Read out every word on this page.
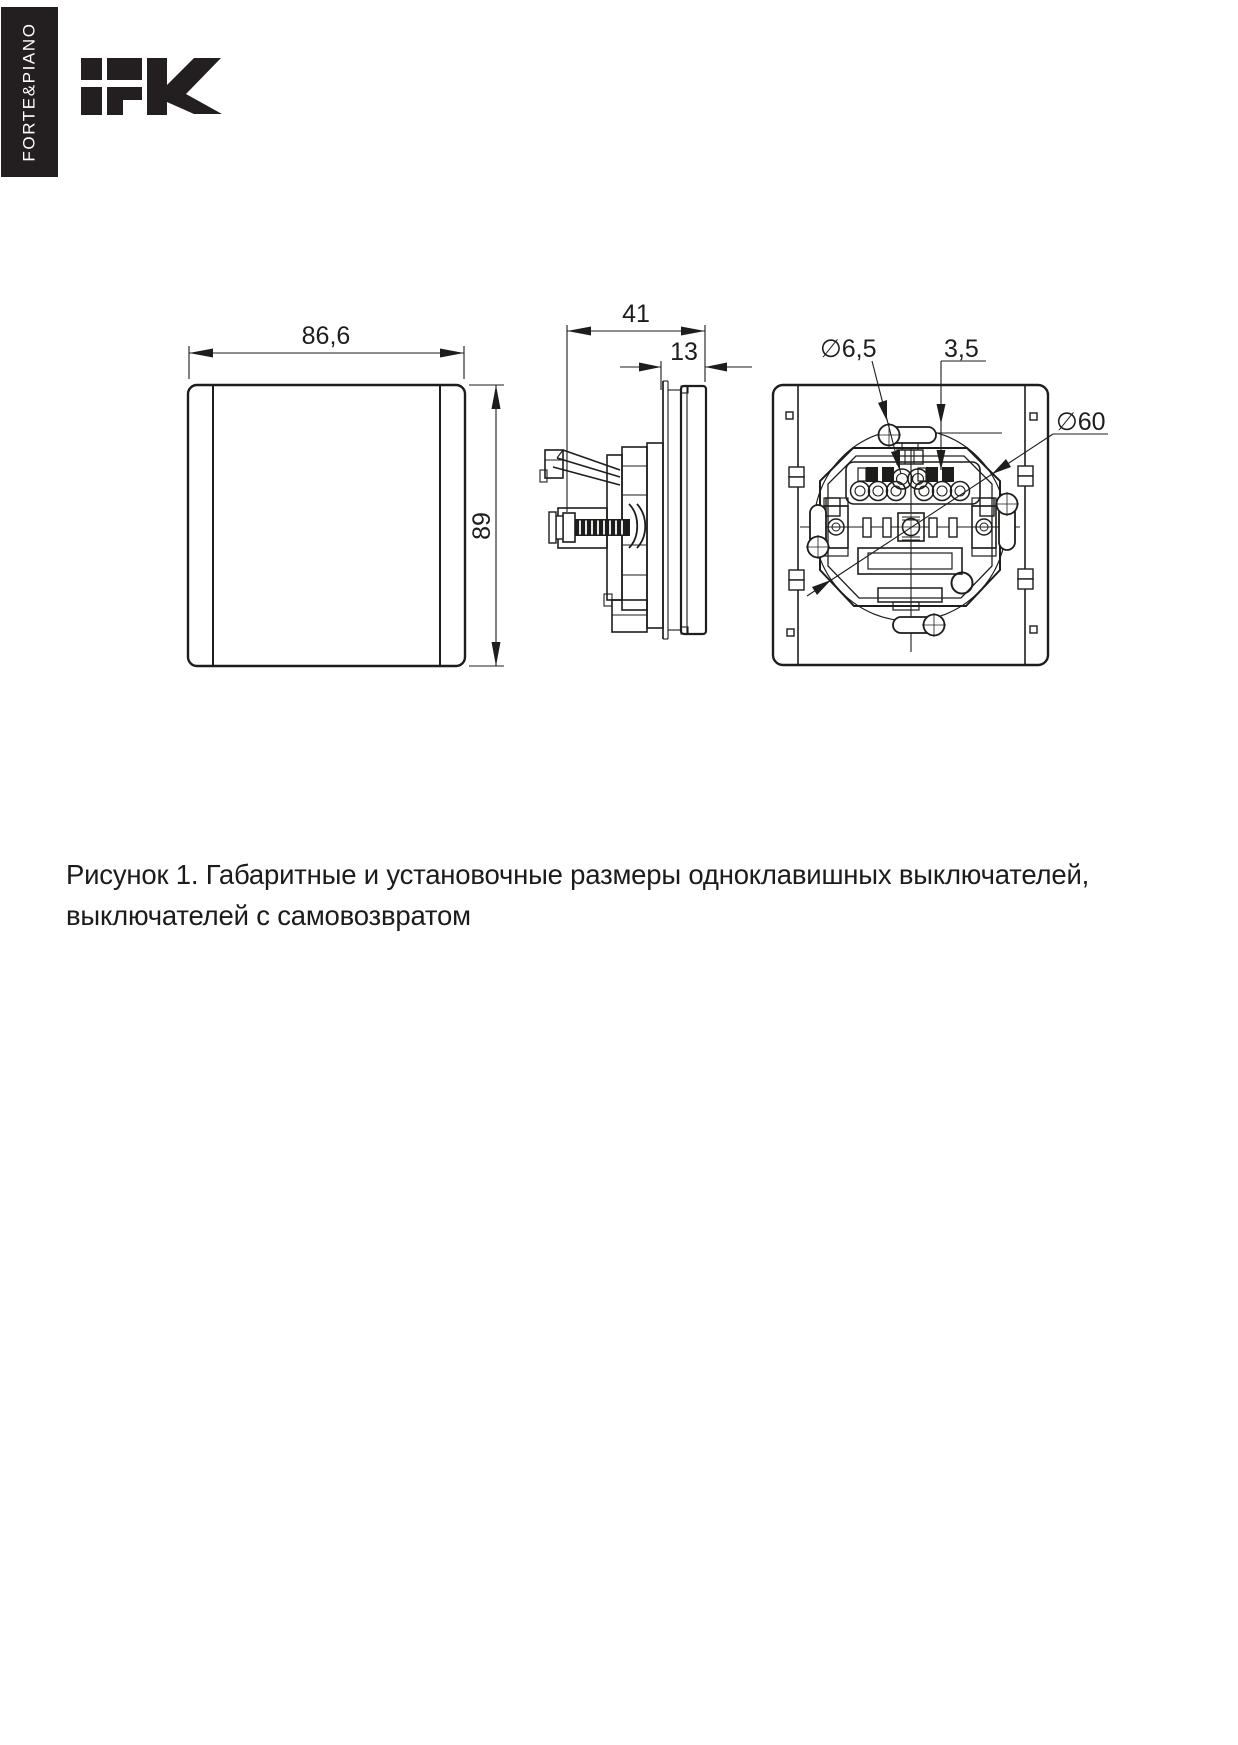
FORTE&PIANO
86,6
89
41
13	∅6,5	3,5
∅60
Рисунок 1. Габаритные и установочные размеры одноклавишных выключателей,
выключателей с самовозвратом
